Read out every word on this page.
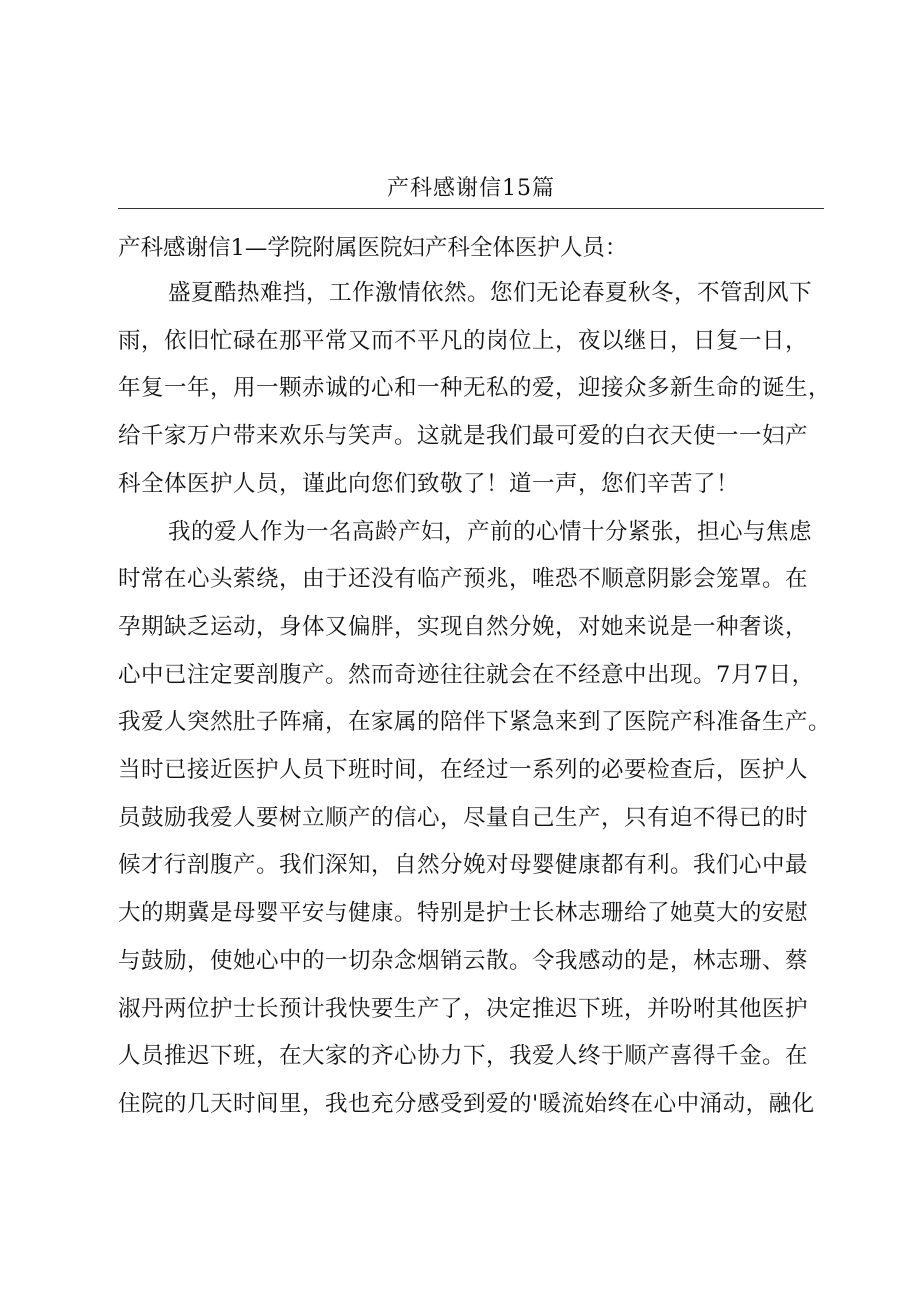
产科感谢信15篇

产科感谢信1—学院附属医院妇产科全体医护人员：

盛夏酷热难挡，工作激情依然。您们无论春夏秋冬，不管刮风下
雨，依旧忙碌在那平常又而不平凡的岗位上，夜以继日，日复一日，
年复一年，用一颗赤诚的心和一种无私的爱，迎接众多新生命的诞生，
给千家万户带来欢乐与笑声。这就是我们最可爱的白衣天使一一妇产
科全体医护人员，谨此向您们致敬了！道一声，您们辛苦了！

我的爱人作为一名高龄产妇，产前的心情十分紧张，担心与焦虑
时常在心头萦绕，由于还没有临产预兆，唯恐不顺意阴影会笼罩。在
孕期缺乏运动，身体又偏胖，实现自然分娩，对她来说是一种奢谈，
心中已注定要剖腹产。然而奇迹往往就会在不经意中出现。7月7日，
我爱人突然肚子阵痛，在家属的陪伴下紧急来到了医院产科准备生产。
当时已接近医护人员下班时间，在经过一系列的必要检查后，医护人
员鼓励我爱人要树立顺产的信心，尽量自己生产，只有迫不得已的时
候才行剖腹产。我们深知，自然分娩对母婴健康都有利。我们心中最
大的期冀是母婴平安与健康。特别是护士长林志珊给了她莫大的安慰
与鼓励，使她心中的一切杂念烟销云散。令我感动的是，林志珊、蔡
淑丹两位护士长预计我快要生产了，决定推迟下班，并吩咐其他医护
人员推迟下班，在大家的齐心协力下，我爱人终于顺产喜得千金。在
住院的几天时间里，我也充分感受到爱的'暖流始终在心中涌动，融化
